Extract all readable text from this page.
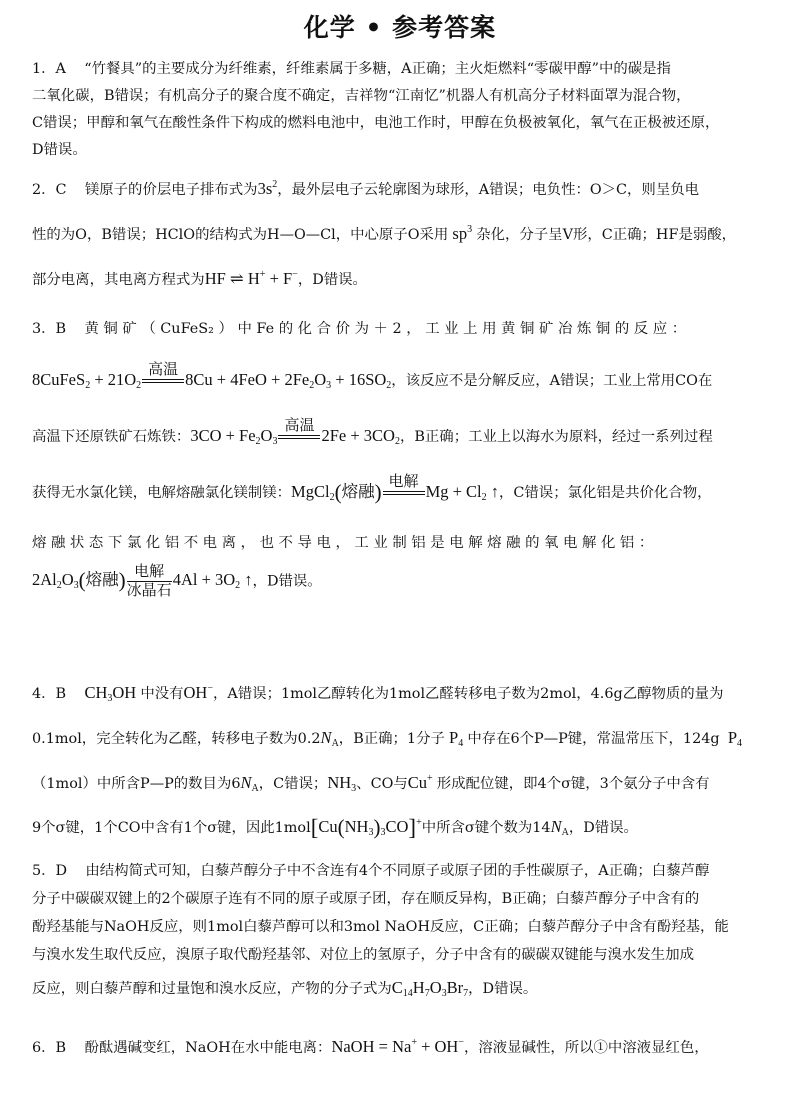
化学 • 参考答案

1．A “竹餐具”的主要成分为纤维素，纤维素属于多糖，A正确；主火炬燃料“零碳甲醇”中的碳是指

二氧化碳，B错误；有机高分子的聚合度不确定，吉祥物“江南忆”机器人有机高分子材料面罩为混合物，

C错误；甲醇和氧气在酸性条件下构成的燃料电池中，电池工作时，甲醇在负极被氧化，氧气在正极被还原，

D错误。

2．C 镁原子的价层电子排布式为$3s^2$，最外层电子云轮廓图为球形，A错误；电负性：O＞C，则呈负电

性的为O，B错误；HClO的结构式为H—O—Cl，中心原子O采用 $sp^3$ 杂化，分子呈V形，C正确；HF是弱酸，

部分电离，其电离方程式为HF ⇌ H+ + F−，D错误。

3．B 黄 铜 矿 （ CuFeS₂ ） 中 Fe 的 化 合 价 为 ＋ 2 ， 工 业 上 用 黄 铜 矿 冶 炼 铜 的 反 应 ：

8CuFeS$_2$ + $21O_2$
高温 $8Cu + 4FeO + 2Fe_2O_3 + 16SO_2$，该反应不是分解反应，A错误；工业上常用CO在

高温下还原铁矿石炼铁：$3CO + Fe_2O_3$
高温 $2Fe + 3CO_2$，B正确；工业上以海水为原料，经过一系列过程

获得无水氯化镁，电解熔融氯化镁制镁：MgCl$_2$(熔融) 电解 $Mg + Cl_2$ ↑，C错误；氯化铝是共价化合物，

熔 融 状 态 下 氯 化 铝 不 电 离 ， 也 不 导 电 ， 工 业 制 铝 是 电 解 熔 融 的 氧 电 解 化 铝 ：

$2Al_2O_3$(熔融) 电解
冰晶石
$4Al + 3O_2$ ↑，D错误。

4．B $CH_3OH$ 中没有OH−，A错误；1mol乙醇转化为1mol乙醛转移电子数为2mol，4.6g乙醇物质的量为

0.1mol，完全转化为乙醛，转移电子数为$0.2N_A$，B正确；1分子 $P_4$ 中存在6个P—P键，常温常压下，124g  $P_4$

（1mol）中所含P—P的数目为$6N_A$，C错误；$NH_3$、CO与Cu+ 形成配位键，即4个σ键，3个氨分子中含有

9个σ键，1个CO中含有1个σ键，因此$1mol[Cu(NH_3)_3CO]^+$中所含σ键个数为$14N_A$，D错误。

5．D 由结构简式可知，白藜芦醇分子中不含连有4个不同原子或原子团的手性碳原子，A正确；白藜芦醇

分子中碳碳双键上的2个碳原子连有不同的原子或原子团，存在顺反异构，B正确；白藜芦醇分子中含有的

酚羟基能与NaOH反应，则1mol白藜芦醇可以和3mol NaOH反应，C正确；白藜芦醇分子中含有酚羟基，能

与溴水发生取代反应，溴原子取代酚羟基邻、对位上的氢原子，分子中含有的碳碳双键能与溴水发生加成

反应，则白藜芦醇和过量饱和溴水反应，产物的分子式为$C_{14}H_7O_3Br_7$，D错误。

6．B 酚酞遇碱变红，NaOH在水中能电离：NaOH = Na+ + OH−，溶液显碱性，所以①中溶液显红色，
